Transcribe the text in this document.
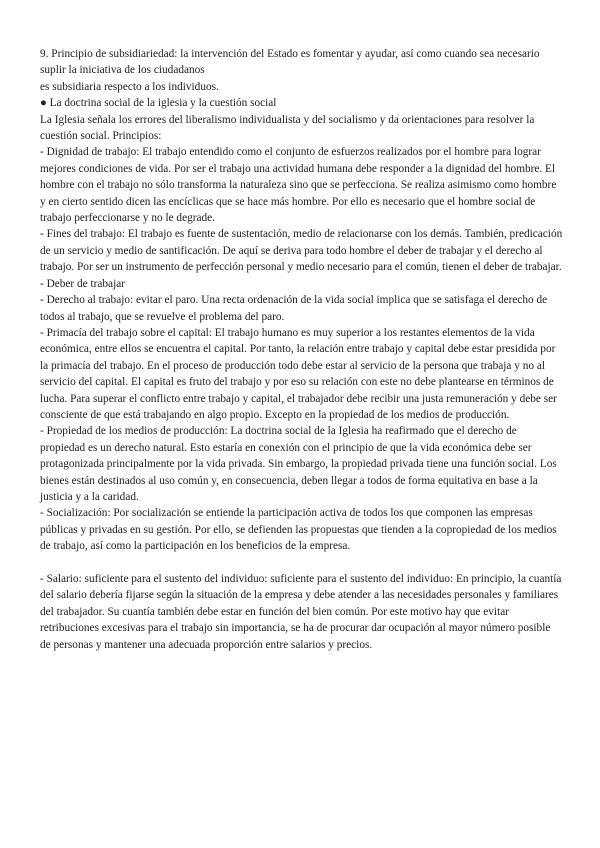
9. Principio de subsidiariedad: la intervención del Estado es fomentar y ayudar, así como cuando sea necesario suplir la iniciativa de los ciudadanos

es subsidiaria respecto a los individuos.

● La doctrina social de la iglesia y la cuestión social

La Iglesia señala los errores del liberalismo individualista y del socialismo y da orientaciones para resolver la cuestión social. Principios:

- Dignidad de trabajo: El trabajo entendido como el conjunto de esfuerzos realizados por el hombre para lograr mejores condiciones de vida. Por ser el trabajo una actividad humana debe responder a la dignidad del hombre. El hombre con el trabajo no sólo transforma la naturaleza sino que se perfecciona. Se realiza asimismo como hombre y en cierto sentido dicen las encíclicas que se hace más hombre. Por ello es necesario que el hombre social de trabajo perfeccionarse y no le degrade.

- Fines del trabajo: El trabajo es fuente de sustentación, medio de relacionarse con los demás. También, predicación de un servicio y medio de santificación. De aquí se deriva para todo hombre el deber de trabajar y el derecho al trabajo. Por ser un instrumento de perfección personal y medio necesario para el común, tienen el deber de trabajar.

- Deber de trabajar

- Derecho al trabajo: evitar el paro. Una recta ordenación de la vida social implica que se satisfaga el derecho de todos al trabajo, que se revuelve el problema del paro.

- Primacía del trabajo sobre el capital: El trabajo humano es muy superior a los restantes elementos de la vida económica, entre ellos se encuentra el capital. Por tanto, la relación entre trabajo y capital debe estar presidida por la primacía del trabajo. En el proceso de producción todo debe estar al servicio de la persona que trabaja y no al servicio del capital. El capital es fruto del trabajo y por eso su relación con este no debe plantearse en términos de lucha. Para superar el conflicto entre trabajo y capital, el trabajador debe recibir una justa remuneración y debe ser consciente de que está trabajando en algo propio. Excepto en la propiedad de los medios de producción.

- Propiedad de los medios de producción: La doctrina social de la Iglesia ha reafirmado que el derecho de propiedad es un derecho natural. Esto estaría en conexión con el principio de que la vida económica debe ser protagonizada principalmente por la vida privada. Sin embargo, la propiedad privada tiene una función social. Los bienes están destinados al uso común y, en consecuencia, deben llegar a todos de forma equitativa en base a la justicia y a la caridad.

- Socialización: Por socialización se entiende la participación activa de todos los que componen las empresas públicas y privadas en su gestión. Por ello, se defienden las propuestas que tienden a la copropiedad de los medios de trabajo, así como la participación en los beneficios de la empresa.

- Salario: suficiente para el sustento del individuo: suficiente para el sustento del individuo: En principio, la cuantía del salario debería fijarse según la situación de la empresa y debe atender a las necesidades personales y familiares del trabajador. Su cuantía también debe estar en función del bien común. Por este motivo hay que evitar retribuciones excesivas para el trabajo sin importancia, se ha de procurar dar ocupación al mayor número posible de personas y mantener una adecuada proporción entre salarios y precios.
